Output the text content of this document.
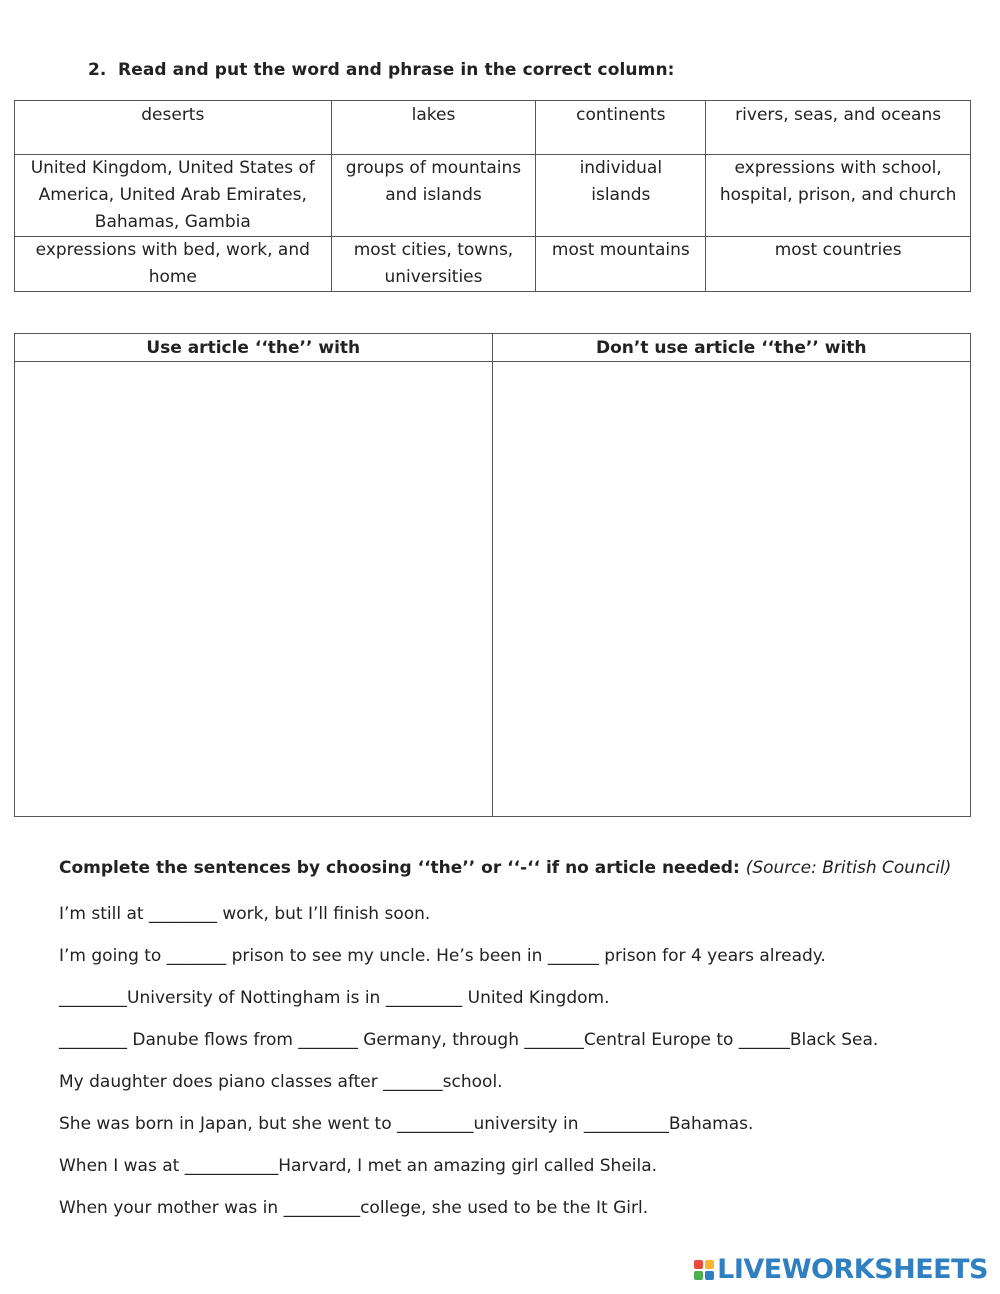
2. Read and put the word and phrase in the correct column:
deserts	lakes	continents	rivers, seas, and oceans
United Kingdom, United States of America, United Arab Emirates, Bahamas, Gambia	groups of mountains and islands	individual islands	expressions with school, hospital, prison, and church
expressions with bed, work, and home	most cities, towns, universities	most mountains	most countries
Use article ‘‘the’’ with	Don’t use article ‘‘the’’ with

Complete the sentences by choosing ‘‘the’’ or ‘‘-‘‘ if no article needed: (Source: British Council)
I’m still at ________ work, but I’ll finish soon.
I’m going to _______ prison to see my uncle. He’s been in ______ prison for 4 years already.
________University of Nottingham is in _________ United Kingdom.
________ Danube flows from _______ Germany, through _______Central Europe to ______Black Sea.
My daughter does piano classes after _______school.
She was born in Japan, but she went to _________university in __________Bahamas.
When I was at ___________Harvard, I met an amazing girl called Sheila.
When your mother was in _________college, she used to be the It Girl.
LIVEWORKSHEETS
